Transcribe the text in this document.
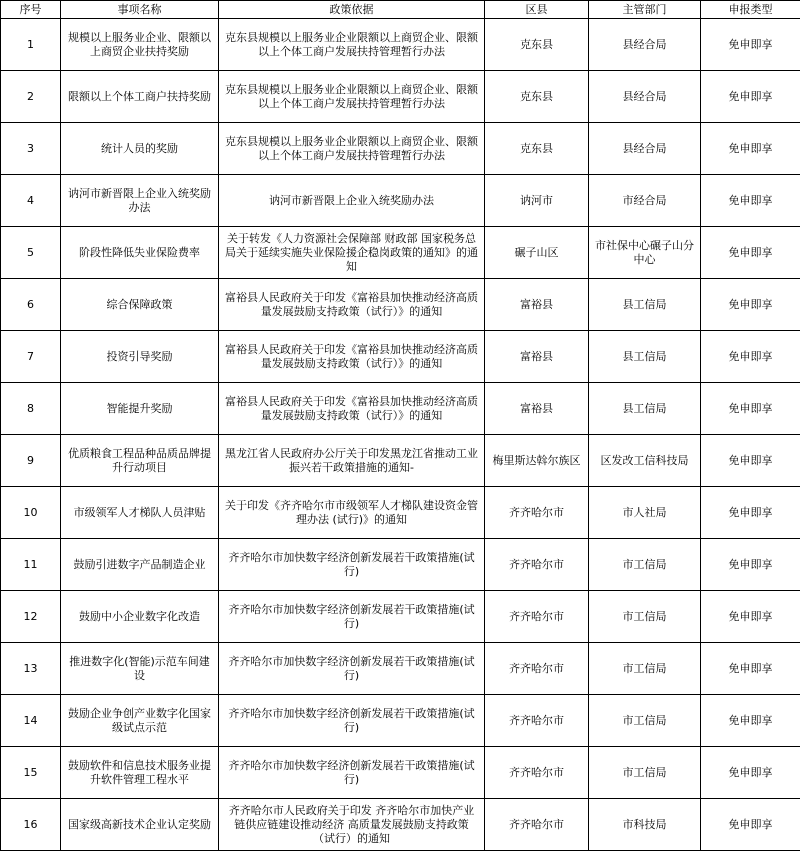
序号	事项名称	政策依据	区县	主管部门	申报类型
1	规模以上服务业企业、限额以上商贸企业扶持奖励	克东县规模以上服务业企业限额以上商贸企业、限额以上个体工商户发展扶持管理暂行办法	克东县	县经合局	免申即享
2	限额以上个体工商户扶持奖励	克东县规模以上服务业企业限额以上商贸企业、限额以上个体工商户发展扶持管理暂行办法	克东县	县经合局	免申即享
3	统计人员的奖励	克东县规模以上服务业企业限额以上商贸企业、限额以上个体工商户发展扶持管理暂行办法	克东县	县经合局	免申即享
4	讷河市新晋限上企业入统奖励办法	讷河市新晋限上企业入统奖励办法	讷河市	市经合局	免申即享
5	阶段性降低失业保险费率	关于转发《人力资源社会保障部 财政部 国家税务总局关于延续实施失业保险援企稳岗政策的通知》的通知	碾子山区	市社保中心碾子山分中心	免申即享
6	综合保障政策	富裕县人民政府关于印发《富裕县加快推动经济高质量发展鼓励支持政策（试行）》的通知	富裕县	县工信局	免申即享
7	投资引导奖励	富裕县人民政府关于印发《富裕县加快推动经济高质量发展鼓励支持政策（试行）》的通知	富裕县	县工信局	免申即享
8	智能提升奖励	富裕县人民政府关于印发《富裕县加快推动经济高质量发展鼓励支持政策（试行）》的通知	富裕县	县工信局	免申即享
9	优质粮食工程品种品质品牌提升行动项目	黑龙江省人民政府办公厅关于印发黑龙江省推动工业振兴若干政策措施的通知-	梅里斯达斡尔族区	区发改工信科技局	免申即享
10	市级领军人才梯队人员津贴	关于印发《齐齐哈尔市市级领军人才梯队建设资金管理办法 (试行)》的通知	齐齐哈尔市	市人社局	免申即享
11	鼓励引进数字产品制造企业	齐齐哈尔市加快数字经济创新发展若干政策措施(试行)	齐齐哈尔市	市工信局	免申即享
12	鼓励中小企业数字化改造	齐齐哈尔市加快数字经济创新发展若干政策措施(试行)	齐齐哈尔市	市工信局	免申即享
13	推进数字化(智能)示范车间建设	齐齐哈尔市加快数字经济创新发展若干政策措施(试行)	齐齐哈尔市	市工信局	免申即享
14	鼓励企业争创产业数字化国家级试点示范	齐齐哈尔市加快数字经济创新发展若干政策措施(试行)	齐齐哈尔市	市工信局	免申即享
15	鼓励软件和信息技术服务业提升软件管理工程水平	齐齐哈尔市加快数字经济创新发展若干政策措施(试行)	齐齐哈尔市	市工信局	免申即享
16	国家级高新技术企业认定奖励	齐齐哈尔市人民政府关于印发 齐齐哈尔市加快产业链供应链建设推动经济 高质量发展鼓励支持政策（试行）的通知	齐齐哈尔市	市科技局	免申即享
